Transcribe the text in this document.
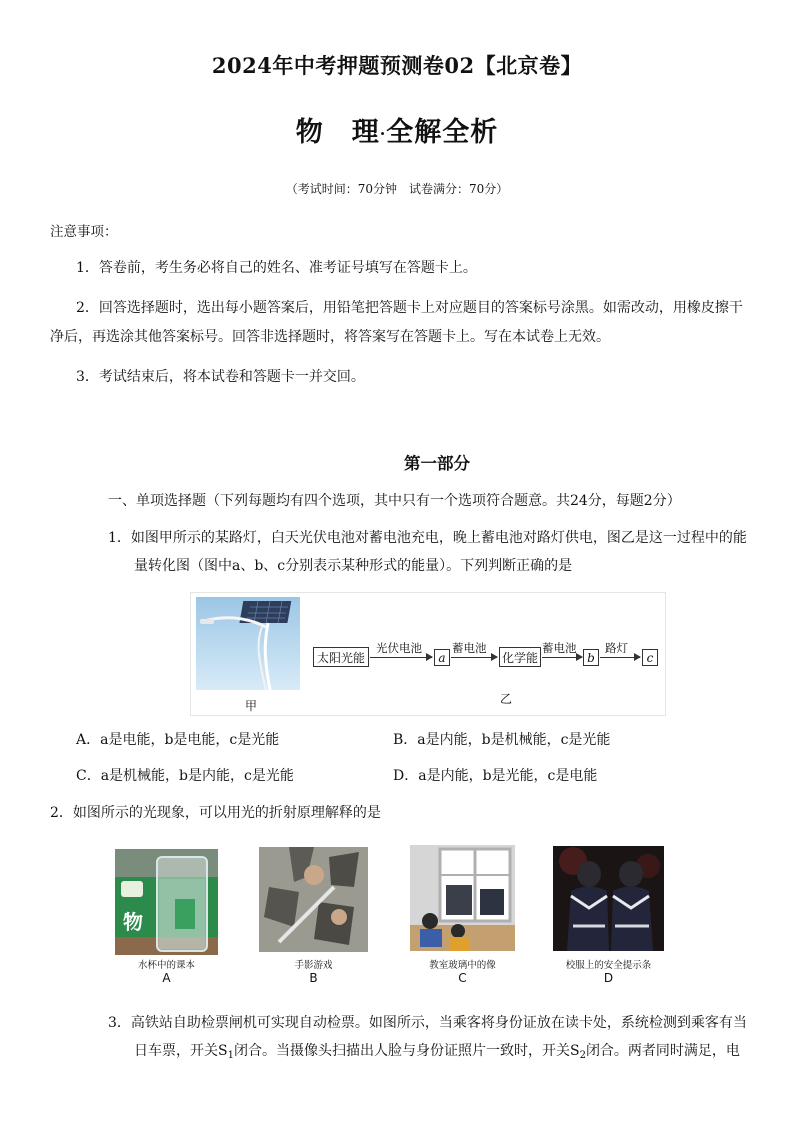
2024年中考押题预测卷02【北京卷】
物　理·全解全析
（考试时间：70分钟　试卷满分：70分）
注意事项：
1．答卷前，考生务必将自己的姓名、准考证号填写在答题卡上。
2．回答选择题时，选出每小题答案后，用铅笔把答题卡上对应题目的答案标号涂黑。如需改动，用橡皮擦干
净后，再选涂其他答案标号。回答非选择题时，将答案写在答题卡上。写在本试卷上无效。
3．考试结束后，将本试卷和答题卡一并交回。
第一部分
一、单项选择题（下列每题均有四个选项，其中只有一个选项符合题意。共24分，每题2分）
1．如图甲所示的某路灯，白天光伏电池对蓄电池充电，晚上蓄电池对路灯供电，图乙是这一过程中的能
量转化图（图中a、b、c分别表示某种形式的能量）。下列判断正确的是
甲	乙
太阳光能
光伏电池
a
蓄电池
化学能
蓄电池
b
路灯
c
A．a是电能，b是电能，c是光能	B．a是内能，b是机械能，c是光能
C．a是机械能，b是内能，c是光能	D．a是内能，b是光能，c是电能
2．如图所示的光现象，可以用光的折射原理解释的是
物
水杯中的课本
A
手影游戏
B
教室玻璃中的像
C
校服上的安全提示条
D
3．高铁站自助检票闸机可实现自动检票。如图所示，当乘客将身份证放在读卡处，系统检测到乘客有当
日车票，开关$S_1$闭合。当摄像头扫描出人脸与身份证照片一致时，开关$S_2$闭合。两者同时满足，电
